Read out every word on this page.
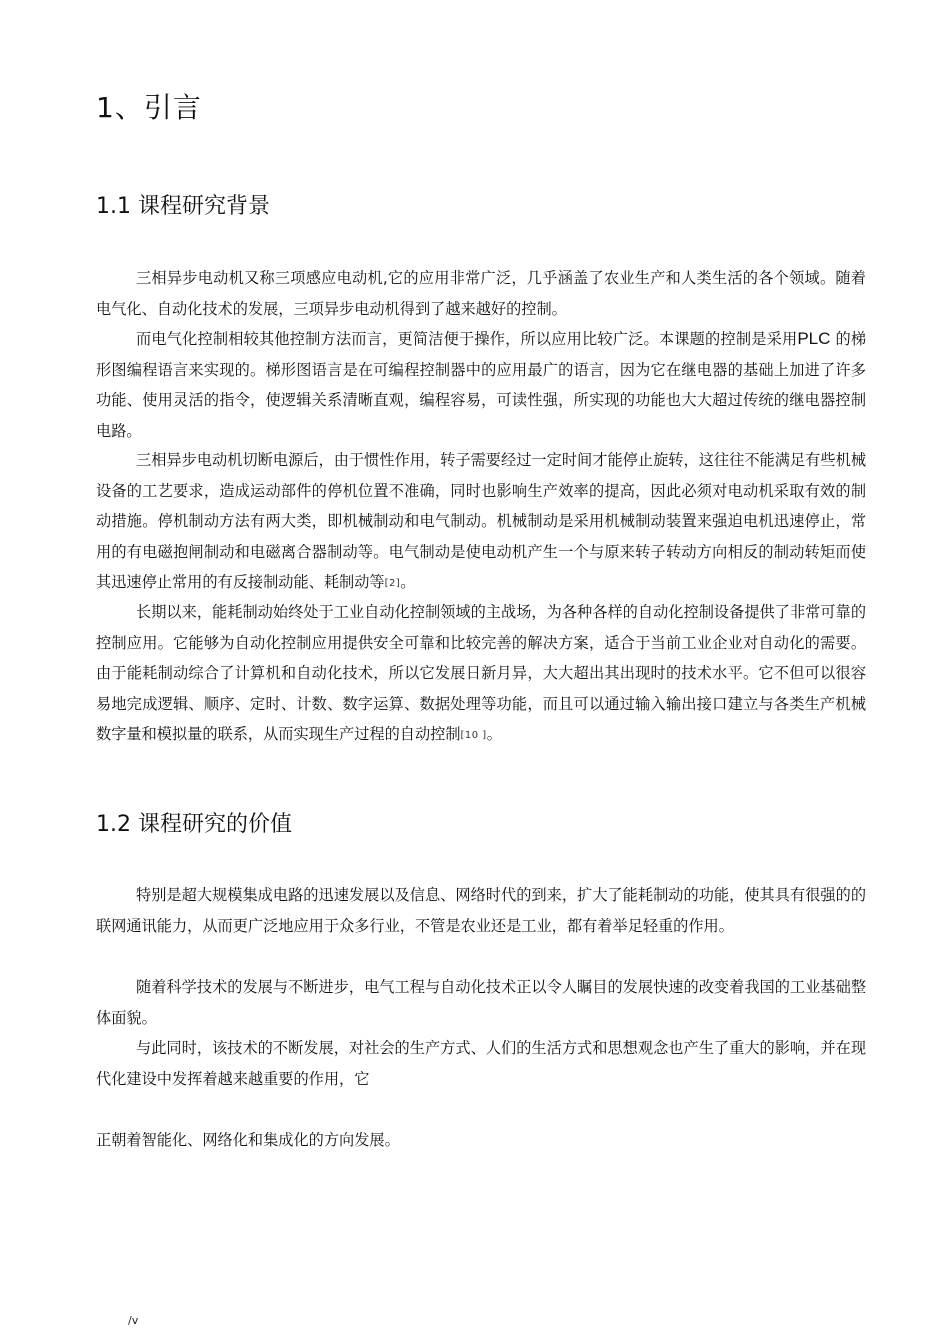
1、引言
1.1 课程研究背景

三相异步电动机又称三项感应电动机,它的应用非常广泛，几乎涵盖了农业生产和人类生活的各个领域。随着电气化、自动化技术的发展，三项异步电动机得到了越来越好的控制。

而电气化控制相较其他控制方法而言，更简洁便于操作，所以应用比较广泛。本课题的控制是采用PLC 的梯形图编程语言来实现的。梯形图语言是在可编程控制器中的应用最广的语言，因为它在继电器的基础上加进了许多功能、使用灵活的指令，使逻辑关系清晰直观，编程容易，可读性强，所实现的功能也大大超过传统的继电器控制电路。

三相异步电动机切断电源后，由于惯性作用，转子需要经过一定时间才能停止旋转，这往往不能满足有些机械设备的工艺要求，造成运动部件的停机位置不准确，同时也影响生产效率的提高，因此必须对电动机采取有效的制动措施。停机制动方法有两大类，即机械制动和电气制动。机械制动是采用机械制动装置来强迫电机迅速停止，常用的有电磁抱闸制动和电磁离合器制动等。电气制动是使电动机产生一个与原来转子转动方向相反的制动转矩而使其迅速停止常用的有反接制动能、耗制动等[2]。

长期以来，能耗制动始终处于工业自动化控制领域的主战场，为各种各样的自动化控制设备提供了非常可靠的控制应用。它能够为自动化控制应用提供安全可靠和比较完善的解决方案，适合于当前工业企业对自动化的需要。由于能耗制动综合了计算机和自动化技术，所以它发展日新月异，大大超出其出现时的技术水平。它不但可以很容易地完成逻辑、顺序、定时、计数、数字运算、数据处理等功能，而且可以通过输入输出接口建立与各类生产机械数字量和模拟量的联系，从而实现生产过程的自动控制[10 ]。

1.2 课程研究的价值

特别是超大规模集成电路的迅速发展以及信息、网络时代的到来，扩大了能耗制动的功能，使其具有很强的的联网通讯能力，从而更广泛地应用于众多行业，不管是农业还是工业，都有着举足轻重的作用。

随着科学技术的发展与不断进步，电气工程与自动化技术正以令人瞩目的发展快速的改变着我国的工业基础整体面貌。

与此同时，该技术的不断发展，对社会的生产方式、人们的生活方式和思想观念也产生了重大的影响，并在现代化建设中发挥着越来越重要的作用，它

正朝着智能化、网络化和集成化的方向发展。

/v
